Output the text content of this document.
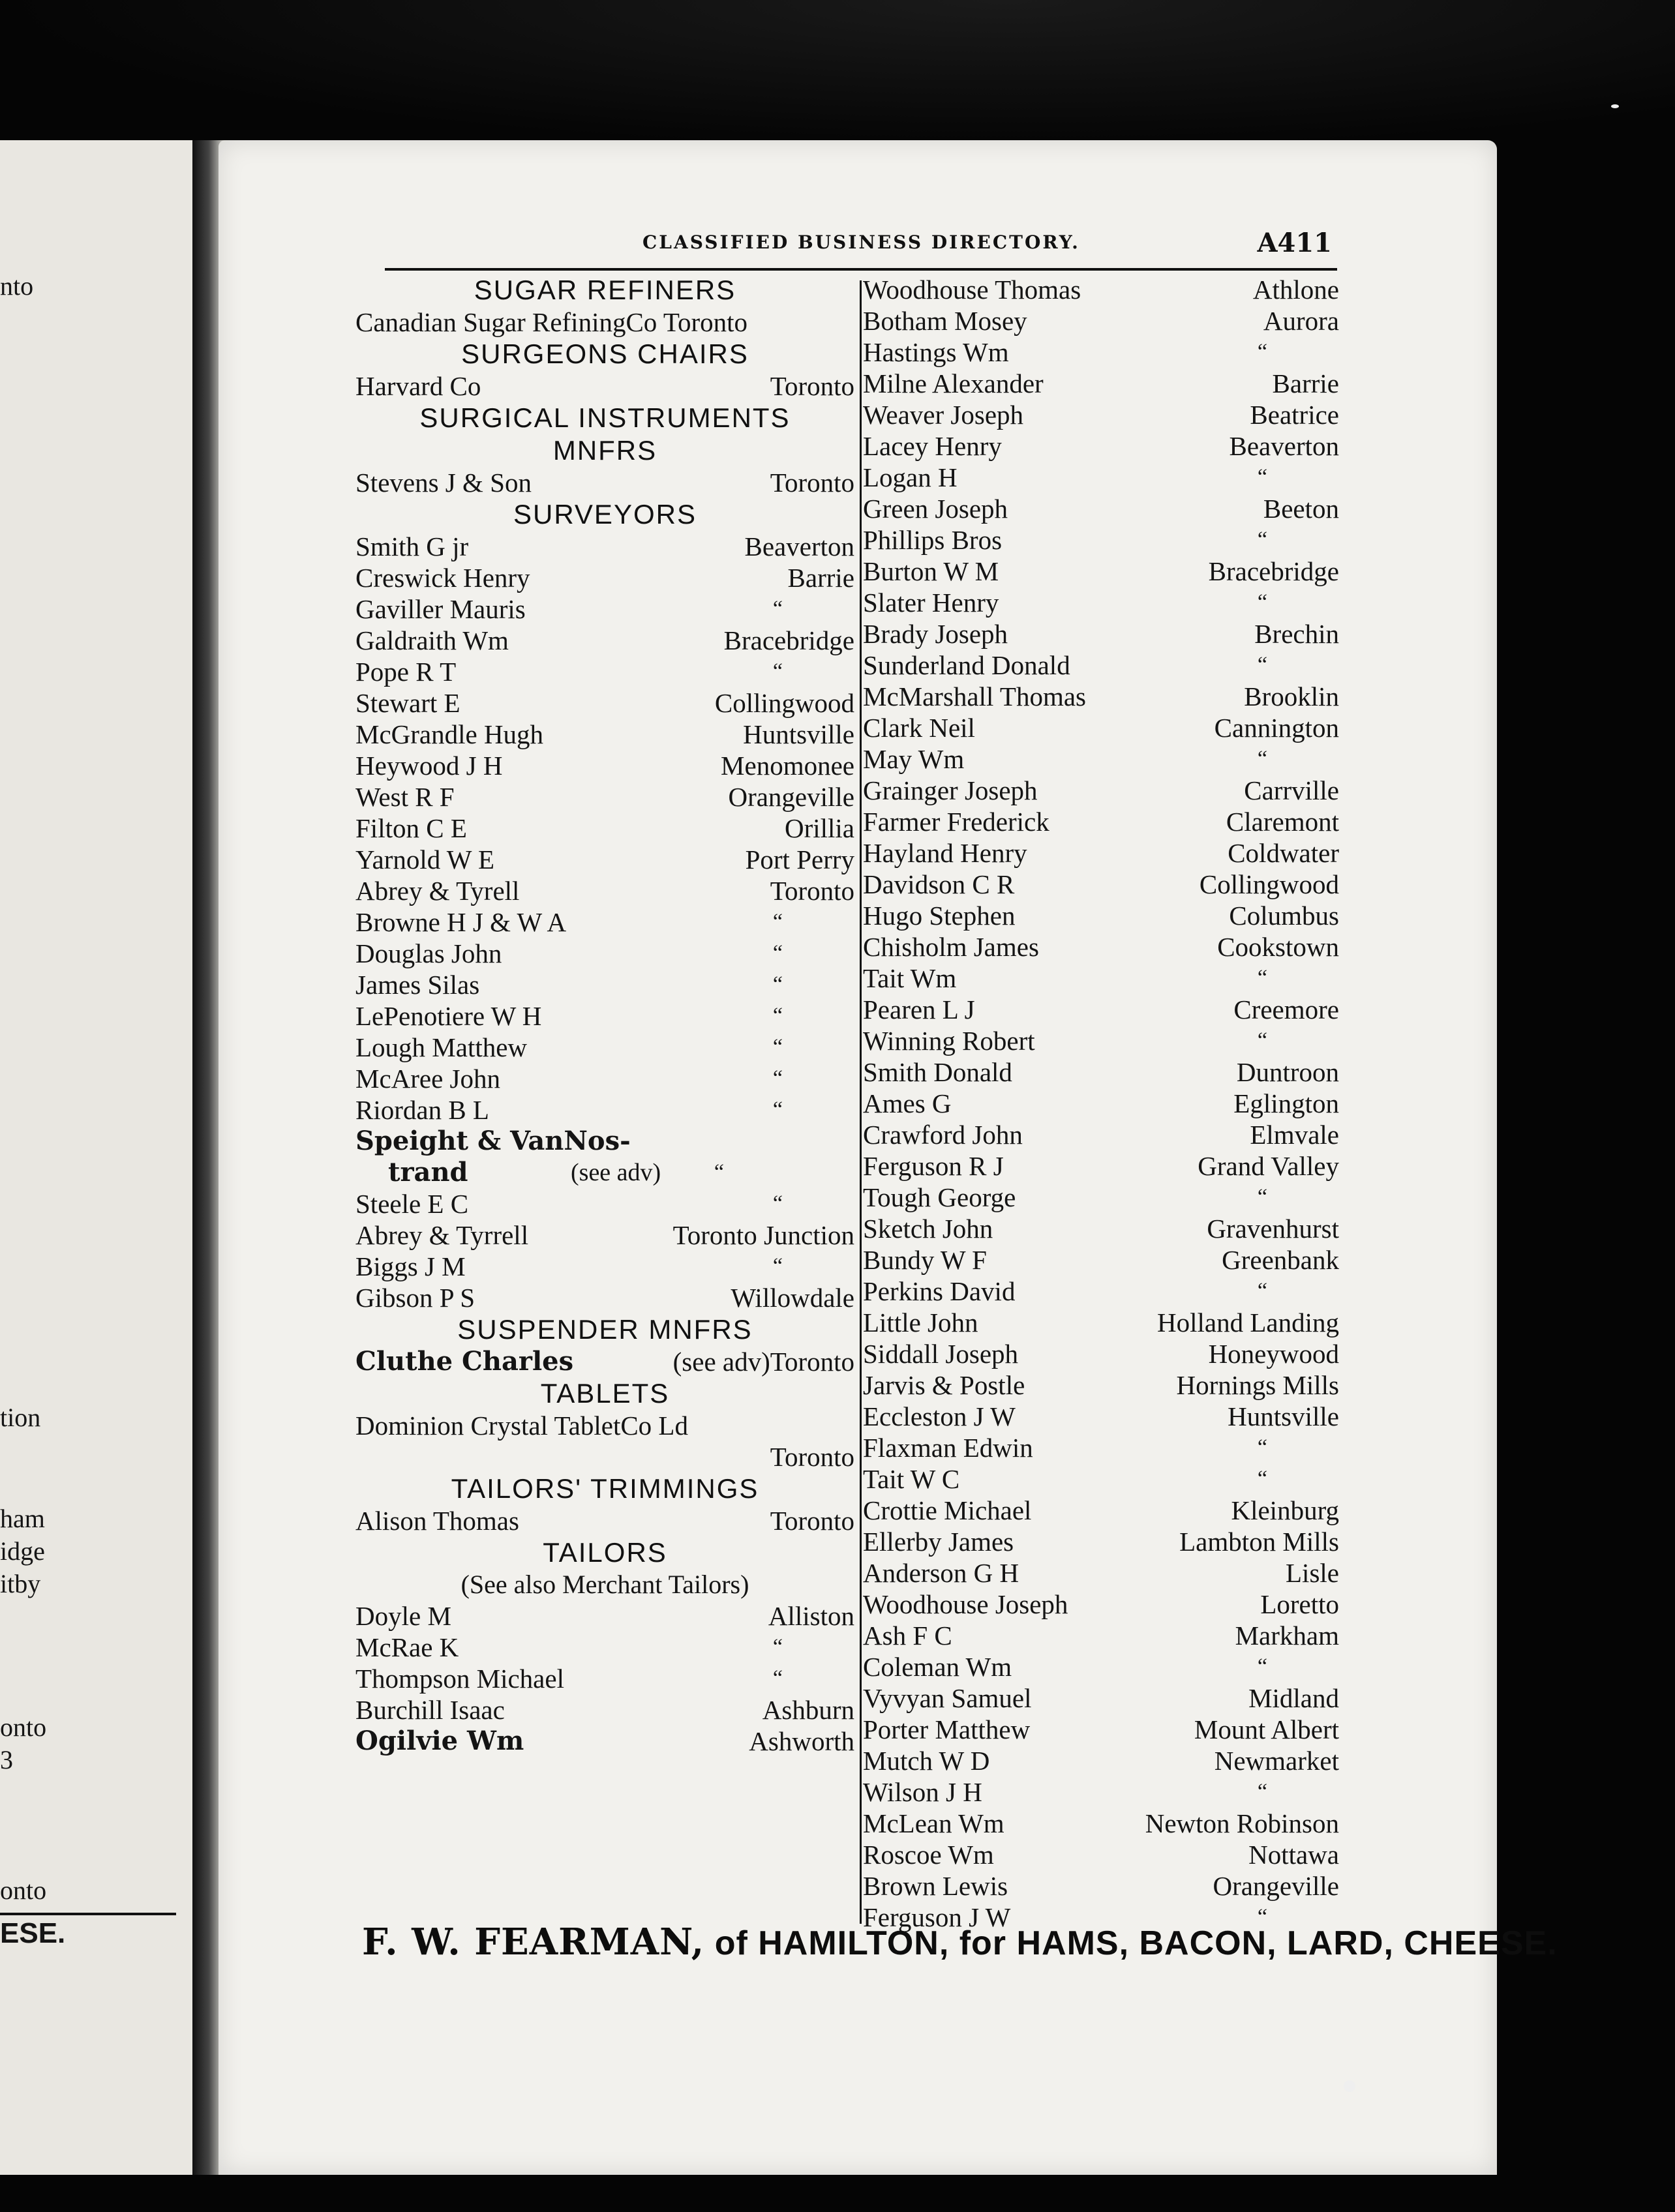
nto
tion
ham
idge
itby
onto
3
onto
ESE.
CLASSIFIED BUSINESS DIRECTORY.	A411
SUGAR REFINERS
Canadian Sugar RefiningCo Toronto
SURGEONS CHAIRS
Harvard Co	Toronto
SURGICAL INSTRUMENTS
MNFRS
Stevens J & Son	Toronto
SURVEYORS
Smith G jr	Beaverton
Creswick Henry	Barrie
Gaviller Mauris	“
Galdraith Wm	Bracebridge
Pope R T	“
Stewart E	Collingwood
McGrandle Hugh	Huntsville
Heywood J H	Menomonee
West R F	Orangeville
Filton C E	Orillia
Yarnold W E	Port Perry
Abrey & Tyrell	Toronto
Browne H J & W A	“
Douglas John	“
James Silas	“
LePenotiere W H	“
Lough Matthew	“
McAree John	“
Riordan B L	“
Speight & VanNos-
trand	(see adv) “
Steele E C	“
Abrey & Tyrrell	Toronto Junction
Biggs J M	“
Gibson P S	Willowdale
SUSPENDER MNFRS
Cluthe Charles	(see adv)Toronto
TABLETS
Dominion Crystal TabletCo Ld
Toronto
TAILORS' TRIMMINGS
Alison Thomas	Toronto
TAILORS
(See also Merchant Tailors)
Doyle M	Alliston
McRae K	“
Thompson Michael	“
Burchill Isaac	Ashburn
Ogilvie Wm	Ashworth
Woodhouse Thomas	Athlone
Botham Mosey	Aurora
Hastings Wm	“
Milne Alexander	Barrie
Weaver Joseph	Beatrice
Lacey Henry	Beaverton
Logan H	“
Green Joseph	Beeton
Phillips Bros	“
Burton W M	Bracebridge
Slater Henry	“
Brady Joseph	Brechin
Sunderland Donald	“
McMarshall Thomas	Brooklin
Clark Neil	Cannington
May Wm	“
Grainger Joseph	Carrville
Farmer Frederick	Claremont
Hayland Henry	Coldwater
Davidson C R	Collingwood
Hugo Stephen	Columbus
Chisholm James	Cookstown
Tait Wm	“
Pearen L J	Creemore
Winning Robert	“
Smith Donald	Duntroon
Ames G	Eglington
Crawford John	Elmvale
Ferguson R J	Grand Valley
Tough George	“
Sketch John	Gravenhurst
Bundy W F	Greenbank
Perkins David	“
Little John	Holland Landing
Siddall Joseph	Honeywood
Jarvis & Postle	Hornings Mills
Eccleston J W	Huntsville
Flaxman Edwin	“
Tait W C	“
Crottie Michael	Kleinburg
Ellerby James	Lambton Mills
Anderson G H	Lisle
Woodhouse Joseph	Loretto
Ash F C	Markham
Coleman Wm	“
Vyvyan Samuel	Midland
Porter Matthew	Mount Albert
Mutch W D	Newmarket
Wilson J H	“
McLean Wm	Newton Robinson
Roscoe Wm	Nottawa
Brown Lewis	Orangeville
Ferguson J W	“
F. W. FEARMAN, of HAMILTON, for HAMS, BACON, LARD, CHEESE.
